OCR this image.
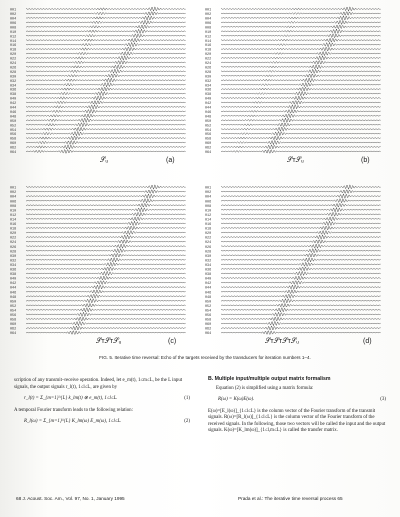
001
002
004
006
008
010
012
014
016
018
020
022
024
026
028
030
032
034
036
038
040
042
044
046
048
050
052
054
056
058
060
062
064
𝒮ᵤ	(a)
001
002
004
006
008
010
012
014
016
018
020
022
024
026
028
030
032
034
036
038
040
042
044
046
048
050
052
054
056
058
060
062
064
𝒮ᴛ𝒮ᵤ	(b)
001
002
004
006
008
010
012
014
016
018
020
022
024
026
028
030
032
034
036
038
040
042
044
046
048
050
052
054
056
058
060
062
064
𝒮ᴛ𝒮ᴛ𝒮ᵤ	(c)
001
002
004
006
008
010
012
014
016
018
020
022
024
026
028
030
032
034
036
038
040
042
044
046
048
050
052
054
056
058
060
062
064
𝒮ᴛ𝒮ᴛ𝒮ᴛ𝒮ᵤ	(d)
FIG. 5. Iterative time reversal: Echo of the targets received by the transducers for iteration numbers 1–4.

scription of any transmit–receive operation. Indeed, let e_m(t), 1≤m≤L, be the L input signals, the output signals r_l(t), 1≤l≤L, are given by

r_l(t) = Σ_{m=1}^{L} k_lm(t) ⊗ e_m(t), 1≤l≤L.	(1)

A temporal Fourier transform leads to the following relation:

R_l(ω) = Σ_{m=1}^{L} K_lm(ω) E_m(ω), 1≤l≤L.	(2)
B. Multiple input/multiple output matrix formalism

Equation (2) is simplified using a matrix formula:

R(ω) = K(ω)E(ω).	(3)

E(ω)=[E_l(ω)]_{1≤l≤L} is the column vector of the Fourier transform of the transmit signals. R(ω)=[R_l(ω)]_{1≤l≤L} is the column vector of the Fourier transform of the received signals. In the following, those two vectors will be called the input and the output signals. K(ω)=[K_lm(ω)]_{1≤l,m≤L} is called the transfer matrix.

68 J. Acoust. Soc. Am., Vol. 97, No. 1, January 1995	Prada et al.: The iterative time reversal process 65
